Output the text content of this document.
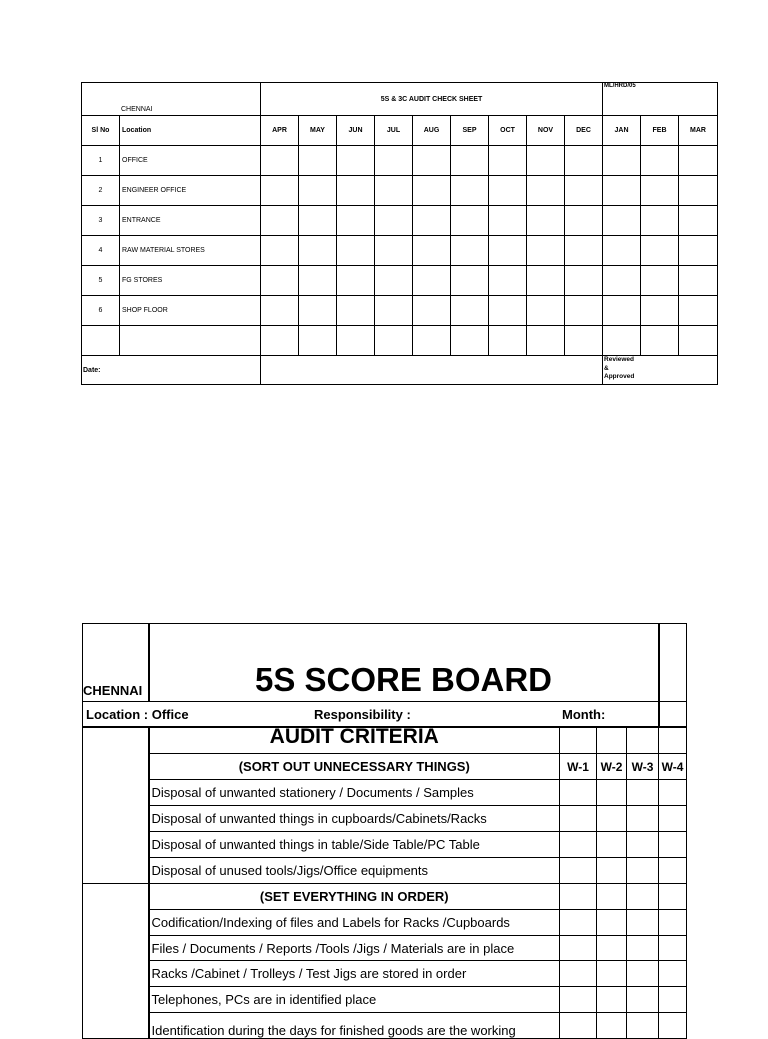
CHENNAI		5S & 3C AUDIT CHECK SHEET									ML/HRD/05		
Sl No	Location	APR	MAY	JUN	JUL	AUG	SEP	OCT	NOV	DEC	JAN	FEB	MAR
1	OFFICE												
2	ENGINEER OFFICE												
3	ENTRANCE												
4	RAW MATERIAL STORES												
5	FG STORES												
6	SHOP FLOOR												

Date:											Reviewed
&
Approved		
CHENNAI	5S SCORE BOARD				

Location : Office Responsibility : Month:					

	AUDIT CRITERIA				
	(SORT OUT UNNECESSARY THINGS)	W-1	W-2	W-3	W-4
	Disposal of unwanted stationery / Documents / Samples				
	Disposal of unwanted things in cupboards/Cabinets/Racks				
	Disposal of unwanted things in table/Side Table/PC Table				
	Disposal of unused tools/Jigs/Office equipments				
	(SET EVERYTHING IN ORDER)				
	Codification/Indexing of files and Labels for Racks /Cupboards				
	Files / Documents / Reports /Tools /Jigs / Materials are in place				
	Racks /Cabinet / Trolleys / Test Jigs are stored in order				
	Telephones, PCs are in identified place				
	Identification during the days for finished goods are the working				
